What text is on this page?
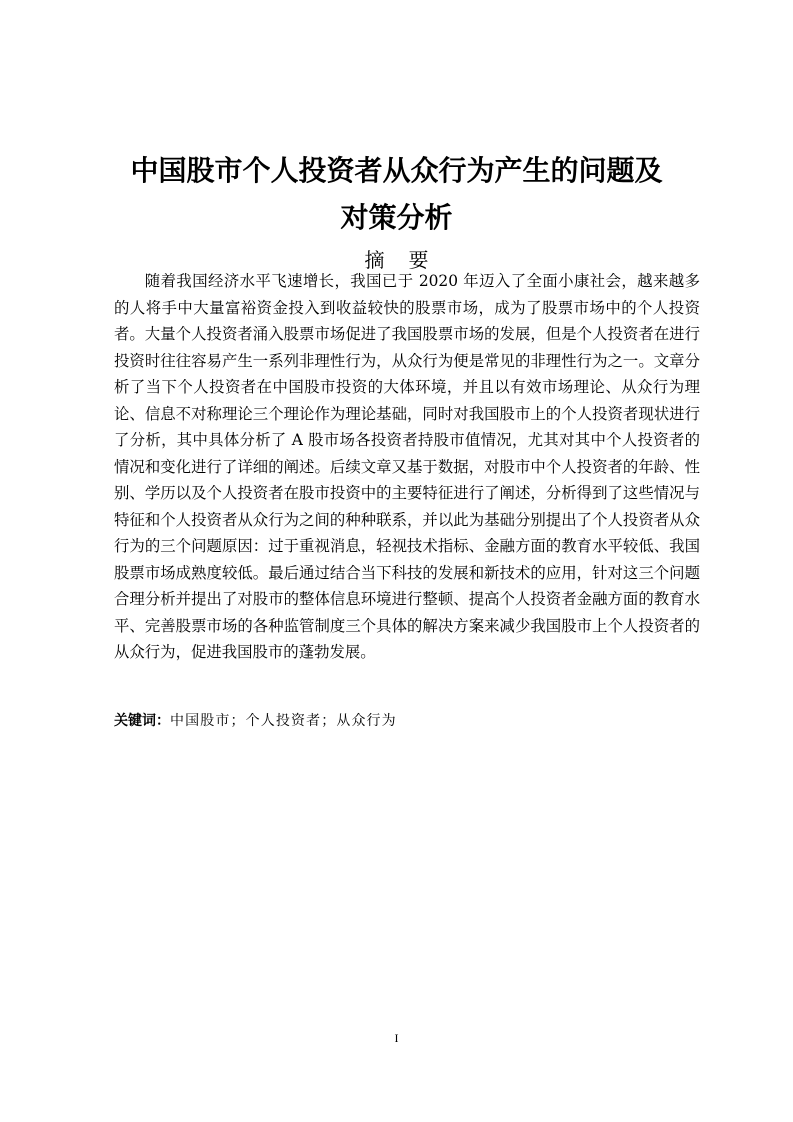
中国股市个人投资者从众行为产生的问题及
对策分析
摘要

随着我国经济水平飞速增长，我国已于 2020 年迈入了全面小康社会，越来越多的人将手中大量富裕资金投入到收益较快的股票市场，成为了股票市场中的个人投资者。大量个人投资者涌入股票市场促进了我国股票市场的发展，但是个人投资者在进行投资时往往容易产生一系列非理性行为，从众行为便是常见的非理性行为之一。文章分析了当下个人投资者在中国股市投资的大体环境，并且以有效市场理论、从众行为理论、信息不对称理论三个理论作为理论基础，同时对我国股市上的个人投资者现状进行了分析，其中具体分析了 A 股市场各投资者持股市值情况，尤其对其中个人投资者的情况和变化进行了详细的阐述。后续文章又基于数据，对股市中个人投资者的年龄、性别、学历以及个人投资者在股市投资中的主要特征进行了阐述，分析得到了这些情况与特征和个人投资者从众行为之间的种种联系，并以此为基础分别提出了个人投资者从众行为的三个问题原因：过于重视消息，轻视技术指标、金融方面的教育水平较低、我国股票市场成熟度较低。最后通过结合当下科技的发展和新技术的应用，针对这三个问题合理分析并提出了对股市的整体信息环境进行整顿、提高个人投资者金融方面的教育水平、完善股票市场的各种监管制度三个具体的解决方案来减少我国股市上个人投资者的从众行为，促进我国股市的蓬勃发展。

关键词：中国股市；个人投资者；从众行为

I
